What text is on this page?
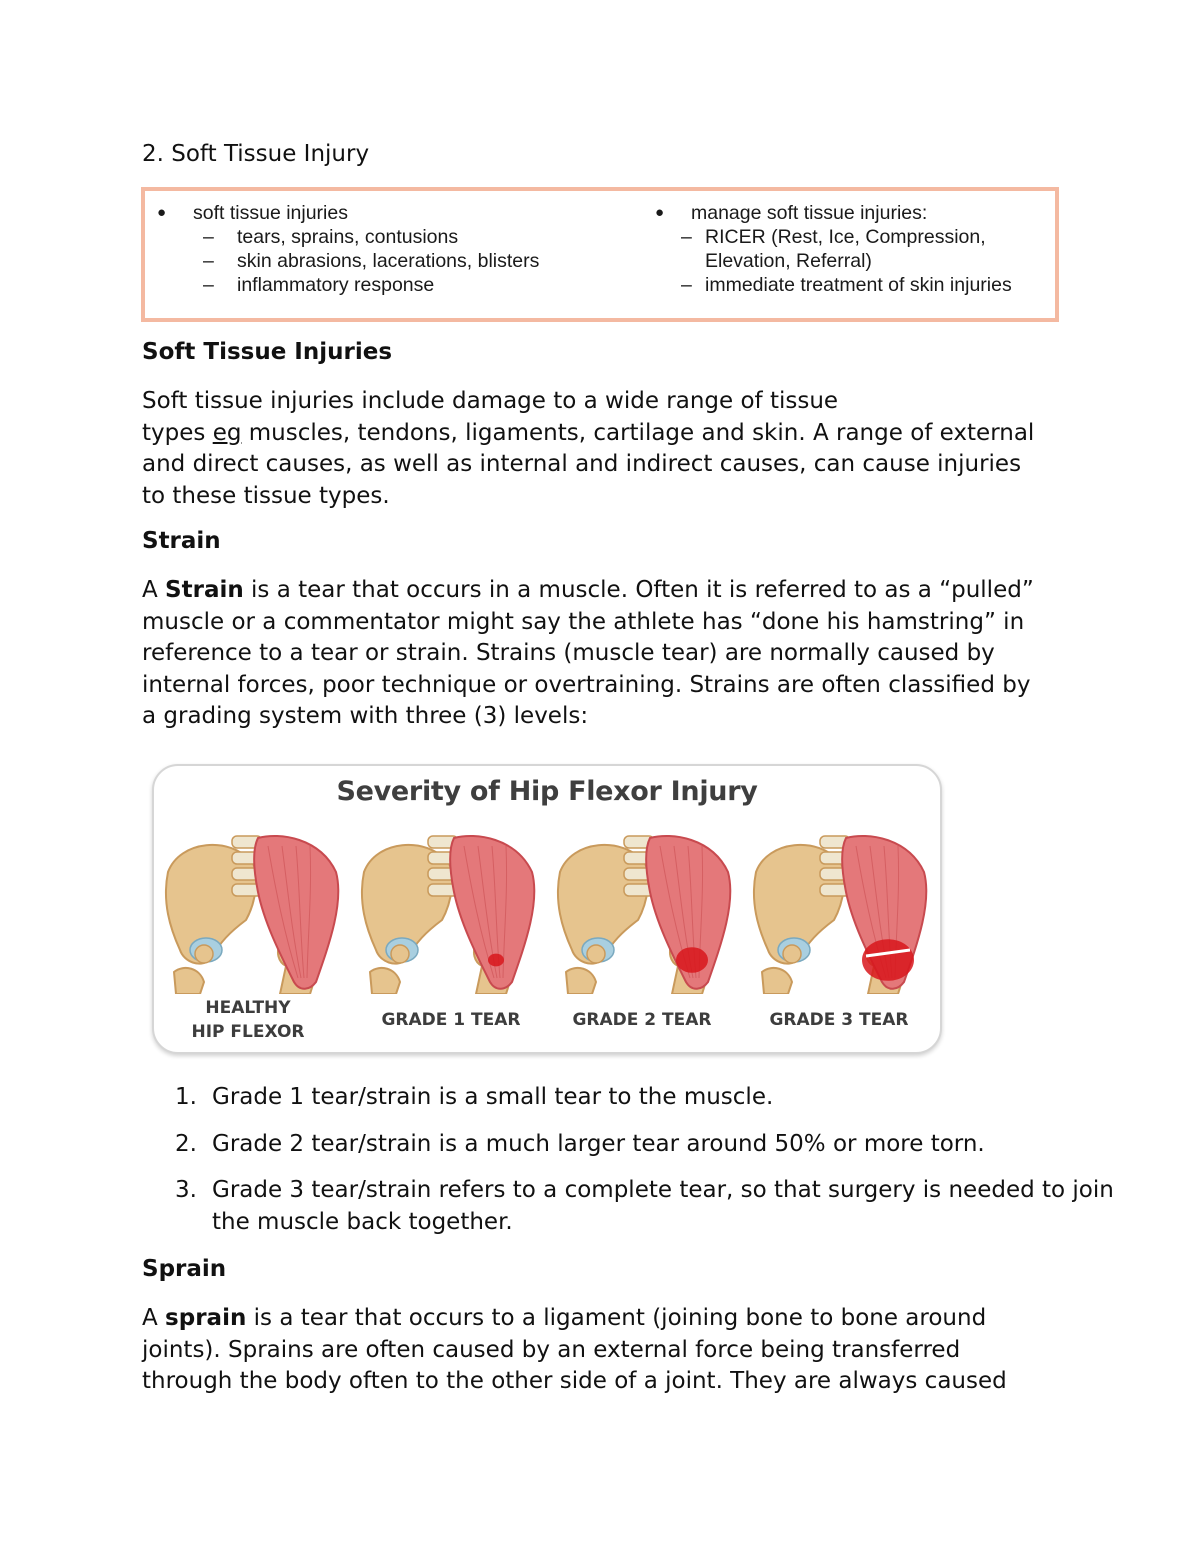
2. Soft Tissue Injury
● soft tissue injuries
– tears, sprains, contusions
– skin abrasions, lacerations, blisters
– inflammatory response
● manage soft tissue injuries:
– RICER (Rest, Ice, Compression,
Elevation, Referral)
– immediate treatment of skin injuries
Soft Tissue Injuries
Soft tissue injuries include damage to a wide range of tissue
types eg muscles, tendons, ligaments, cartilage and skin. A range of external
and direct causes, as well as internal and indirect causes, can cause injuries
to these tissue types.
Strain
A Strain is a tear that occurs in a muscle. Often it is referred to as a “pulled”
muscle or a commentator might say the athlete has “done his hamstring” in
reference to a tear or strain. Strains (muscle tear) are normally caused by
internal forces, poor technique or overtraining. Strains are often classified by
a grading system with three (3) levels:
Severity of Hip Flexor Injury
HEALTHY
HIP FLEXOR
GRADE 1 TEAR	GRADE 2 TEAR	GRADE 3 TEAR
1. Grade 1 tear/strain is a small tear to the muscle.
2. Grade 2 tear/strain is a much larger tear around 50% or more torn.
3. Grade 3 tear/strain refers to a complete tear, so that surgery is needed to join the muscle back together.
Sprain
A sprain is a tear that occurs to a ligament (joining bone to bone around
joints). Sprains are often caused by an external force being transferred
through the body often to the other side of a joint. They are always caused
